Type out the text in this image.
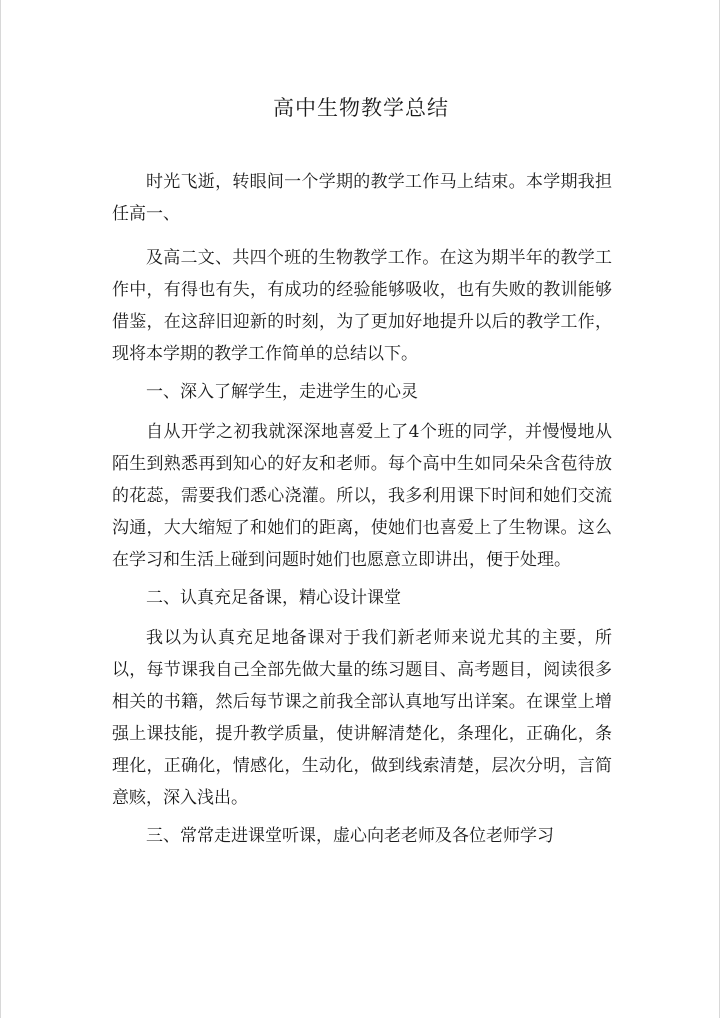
高中生物教学总结

时光飞逝，转眼间一个学期的教学工作马上结束。本学期我担任高一、

及高二文、共四个班的生物教学工作。在这为期半年的教学工作中，有得也有失，有成功的经验能够吸收，也有失败的教训能够借鉴，在这辞旧迎新的时刻，为了更加好地提升以后的教学工作，现将本学期的教学工作简单的总结以下。

一、深入了解学生，走进学生的心灵

自从开学之初我就深深地喜爱上了4个班的同学，并慢慢地从陌生到熟悉再到知心的好友和老师。每个高中生如同朵朵含苞待放的花蕊，需要我们悉心浇灌。所以，我多利用课下时间和她们交流沟通，大大缩短了和她们的距离，使她们也喜爱上了生物课。这么在学习和生活上碰到问题时她们也愿意立即讲出，便于处理。

二、认真充足备课，精心设计课堂

我以为认真充足地备课对于我们新老师来说尤其的主要，所以，每节课我自己全部先做大量的练习题目、高考题目，阅读很多相关的书籍，然后每节课之前我全部认真地写出详案。在课堂上增强上课技能，提升教学质量，使讲解清楚化，条理化，正确化，条理化，正确化，情感化，生动化，做到线索清楚，层次分明，言简意赅，深入浅出。

三、常常走进课堂听课，虚心向老老师及各位老师学习
